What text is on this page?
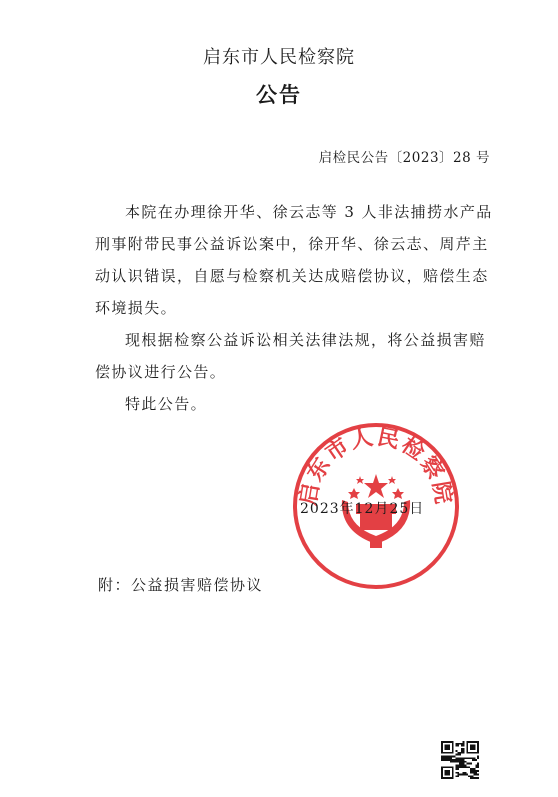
启东市人民检察院
公告
启检民公告〔2023〕28 号

本院在办理徐开华、徐云志等 3 人非法捕捞水产品刑事附带民事公益诉讼案中，徐开华、徐云志、周芹主动认识错误，自愿与检察机关达成赔偿协议，赔偿生态环境损失。

现根据检察公益诉讼相关法律法规，将公益损害赔偿协议进行公告。

特此公告。

启东市人民检察院
2023年12月25日
附：公益损害赔偿协议
